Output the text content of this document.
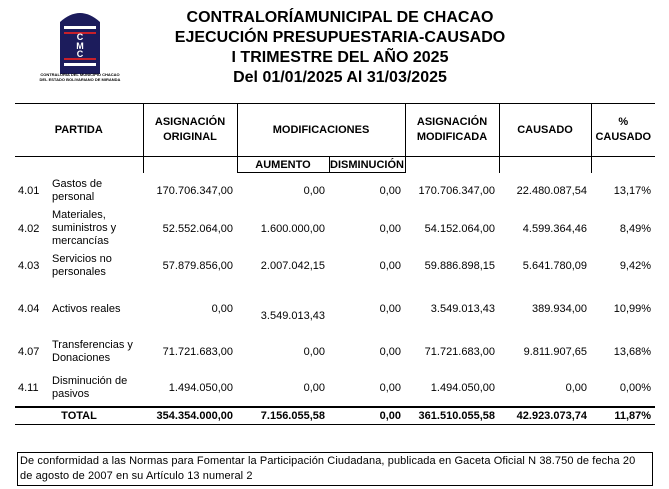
C
M
C
CONTRALORIA DEL MUNICIPIO CHACAO
DEL ESTADO BOLIVARIANO DE MIRANDA
CONTRALORÍAMUNICIPAL DE CHACAO
EJECUCIÓN PRESUPUESTARIA-CAUSADO
I TRIMESTRE DEL AÑO 2025
Del 01/01/2025 Al 31/03/2025
PARTIDA		ASIGNACIÓN ORIGINAL	MODIFICACIONES		ASIGNACIÓN MODIFICADA	CAUSADO	% CAUSADO
			AUMENTO	DISMINUCIÓN			
4.01	Gastos de personal	170.706.347,00	0,00	0,00	170.706.347,00	22.480.087,54	13,17%
4.02	Materiales, suministros y mercancías	52.552.064,00	1.600.000,00	0,00	54.152.064,00	4.599.364,46	8,49%
4.03	Servicios no personales	57.879.856,00	2.007.042,15	0,00	59.886.898,15	5.641.780,09	9,42%
4.04	Activos reales	0,00	3.549.013,43	0,00	3.549.013,43	389.934,00	10,99%
4.07	Transferencias y Donaciones	71.721.683,00	0,00	0,00	71.721.683,00	9.811.907,65	13,68%
4.11	Disminución de pasivos	1.494.050,00	0,00	0,00	1.494.050,00	0,00	0,00%
TOTAL		354.354.000,00	7.156.055,58	0,00	361.510.055,58	42.923.073,74	11,87%
De conformidad a las Normas para Fomentar la Participación Ciudadana, publicada en Gaceta Oficial N 38.750 de fecha 20 de agosto de 2007 en su Artículo 13 numeral 2
